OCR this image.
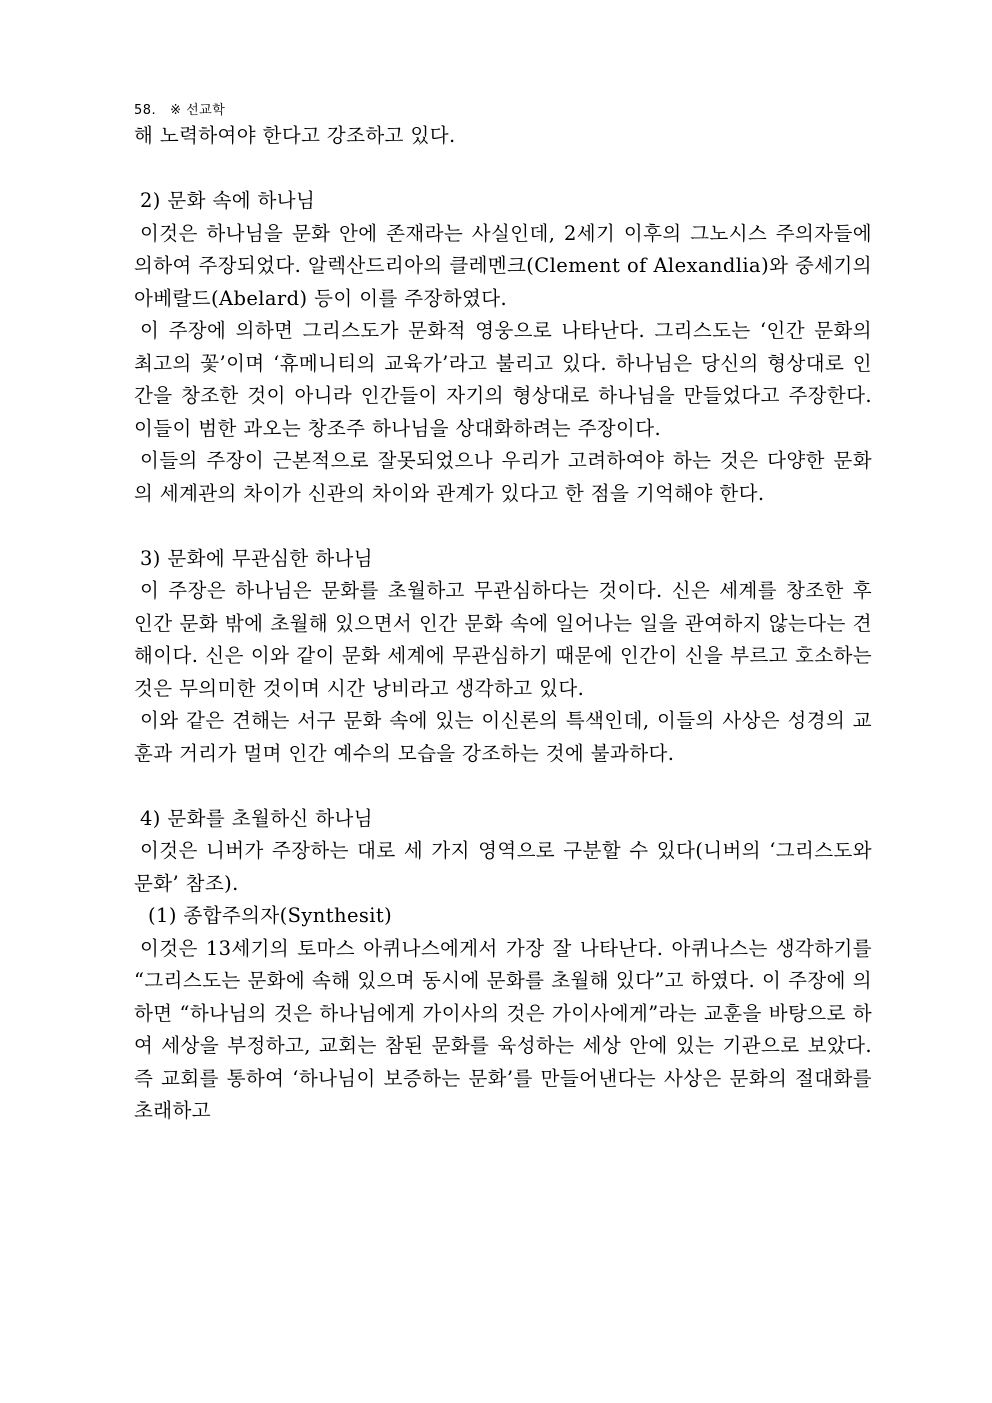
58. ※ 선교학

해 노력하여야 한다고 강조하고 있다.

2) 문화 속에 하나님

이것은 하나님을 문화 안에 존재라는 사실인데, 2세기 이후의 그노시스 주의자들에 의하여 주장되었다. 알렉산드리아의 클레멘크(Clement of Alexandlia)와 중세기의 아베랄드(Abelard) 등이 이를 주장하였다.

이 주장에 의하면 그리스도가 문화적 영웅으로 나타난다. 그리스도는 ‘인간 문화의 최고의 꽃’이며 ‘휴메니티의 교육가’라고 불리고 있다. 하나님은 당신의 형상대로 인간을 창조한 것이 아니라 인간들이 자기의 형상대로 하나님을 만들었다고 주장한다. 이들이 범한 과오는 창조주 하나님을 상대화하려는 주장이다.

이들의 주장이 근본적으로 잘못되었으나 우리가 고려하여야 하는 것은 다양한 문화의 세계관의 차이가 신관의 차이와 관계가 있다고 한 점을 기억해야 한다.

3) 문화에 무관심한 하나님

이 주장은 하나님은 문화를 초월하고 무관심하다는 것이다. 신은 세계를 창조한 후 인간 문화 밖에 초월해 있으면서 인간 문화 속에 일어나는 일을 관여하지 않는다는 견해이다. 신은 이와 같이 문화 세계에 무관심하기 때문에 인간이 신을 부르고 호소하는 것은 무의미한 것이며 시간 낭비라고 생각하고 있다.

이와 같은 견해는 서구 문화 속에 있는 이신론의 특색인데, 이들의 사상은 성경의 교훈과 거리가 멀며 인간 예수의 모습을 강조하는 것에 불과하다.

4) 문화를 초월하신 하나님

이것은 니버가 주장하는 대로 세 가지 영역으로 구분할 수 있다(니버의 ‘그리스도와 문화’ 참조).

(1) 종합주의자(Synthesit)

이것은 13세기의 토마스 아퀴나스에게서 가장 잘 나타난다. 아퀴나스는 생각하기를 “그리스도는 문화에 속해 있으며 동시에 문화를 초월해 있다”고 하였다. 이 주장에 의하면 “하나님의 것은 하나님에게 가이사의 것은 가이사에게”라는 교훈을 바탕으로 하여 세상을 부정하고, 교회는 참된 문화를 육성하는 세상 안에 있는 기관으로 보았다. 즉 교회를 통하여 ‘하나님이 보증하는 문화’를 만들어낸다는 사상은 문화의 절대화를 초래하고
